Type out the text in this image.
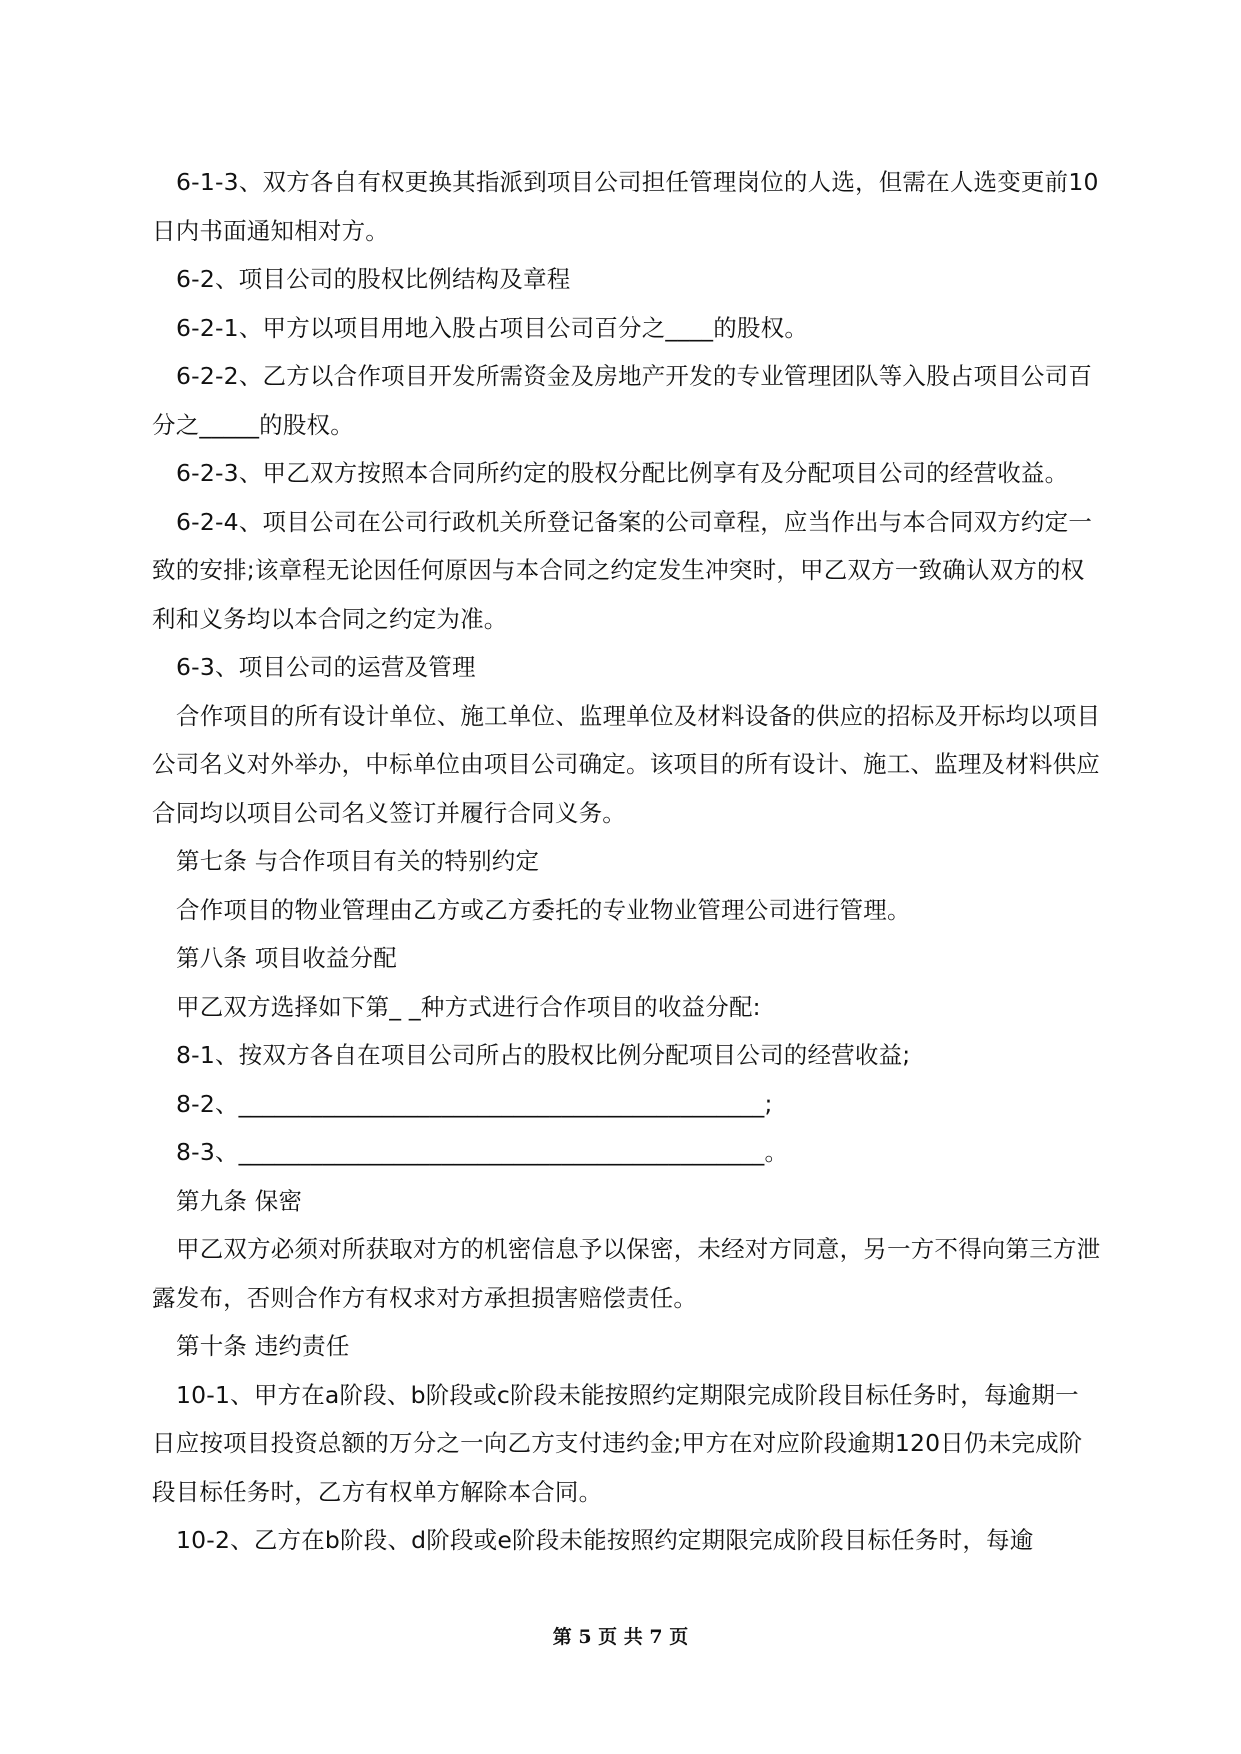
6-1-3、双方各自有权更换其指派到项目公司担任管理岗位的人选，但需在人选变更前10日内书面通知相对方。

6-2、项目公司的股权比例结构及章程

6-2-1、甲方以项目用地入股占项目公司百分之____的股权。

6-2-2、乙方以合作项目开发所需资金及房地产开发的专业管理团队等入股占项目公司百分之_____的股权。

6-2-3、甲乙双方按照本合同所约定的股权分配比例享有及分配项目公司的经营收益。

6-2-4、项目公司在公司行政机关所登记备案的公司章程，应当作出与本合同双方约定一致的安排;该章程无论因任何原因与本合同之约定发生冲突时，甲乙双方一致确认双方的权利和义务均以本合同之约定为准。

6-3、项目公司的运营及管理

合作项目的所有设计单位、施工单位、监理单位及材料设备的供应的招标及开标均以项目公司名义对外举办，中标单位由项目公司确定。该项目的所有设计、施工、监理及材料供应合同均以项目公司名义签订并履行合同义务。

第七条 与合作项目有关的特别约定

合作项目的物业管理由乙方或乙方委托的专业物业管理公司进行管理。

第八条 项目收益分配

甲乙双方选择如下第_ _种方式进行合作项目的收益分配:

8-1、按双方各自在项目公司所占的股权比例分配项目公司的经营收益;

8-2、____________________________________________;

8-3、____________________________________________。

第九条 保密

甲乙双方必须对所获取对方的机密信息予以保密，未经对方同意，另一方不得向第三方泄露发布，否则合作方有权求对方承担损害赔偿责任。

第十条 违约责任

10-1、甲方在a阶段、b阶段或c阶段未能按照约定期限完成阶段目标任务时，每逾期一日应按项目投资总额的万分之一向乙方支付违约金;甲方在对应阶段逾期120日仍未完成阶段目标任务时，乙方有权单方解除本合同。

10-2、乙方在b阶段、d阶段或e阶段未能按照约定期限完成阶段目标任务时，每逾

第 5 页 共 7 页
